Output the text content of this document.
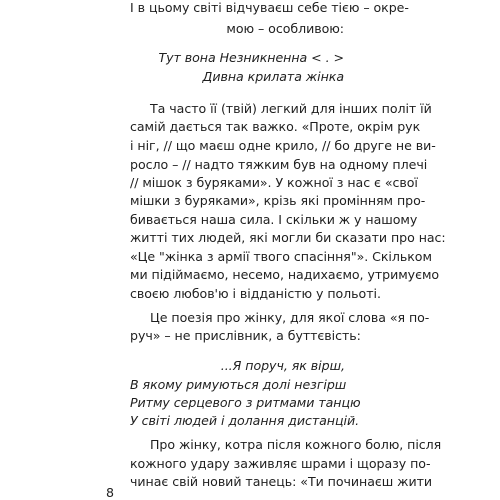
І в цьому світі відчуваєш себе тією – окре-
мою – особливою:
Тут вона Незникненна < . >
Дивна крилата жінка
Та часто її (твій) легкий для інших політ їй
самій дається так важко. «Проте, окрім рук
і ніг, // що маєш одне крило, // бо друге не ви-
росло – // надто тяжким був на одному плечі
// мішок з буряками». У кожної з нас є «свої
мішки з буряками», крізь які промінням про-
бивається наша сила. І скільки ж у нашому
житті тих людей, які могли би сказати про нас:
«Це "жінка з армії твого спасіння"». Скільком
ми підіймаємо, несемо, надихаємо, утримуємо
своєю любов'ю і відданістю у польоті.
Це поезія про жінку, для якої слова «я по-
руч» – не прислівник, а буттєвість:
...Я поруч, як вірш,
В якому римуються долі незгірш
Ритму серцевого з ритмами танцю
У світі людей і долання дистанцій.
Про жінку, котра після кожного болю, після
кожного удару заживляє шрами і щоразу по-
чинає свій новий танець: «Ти починаєш жити
8
